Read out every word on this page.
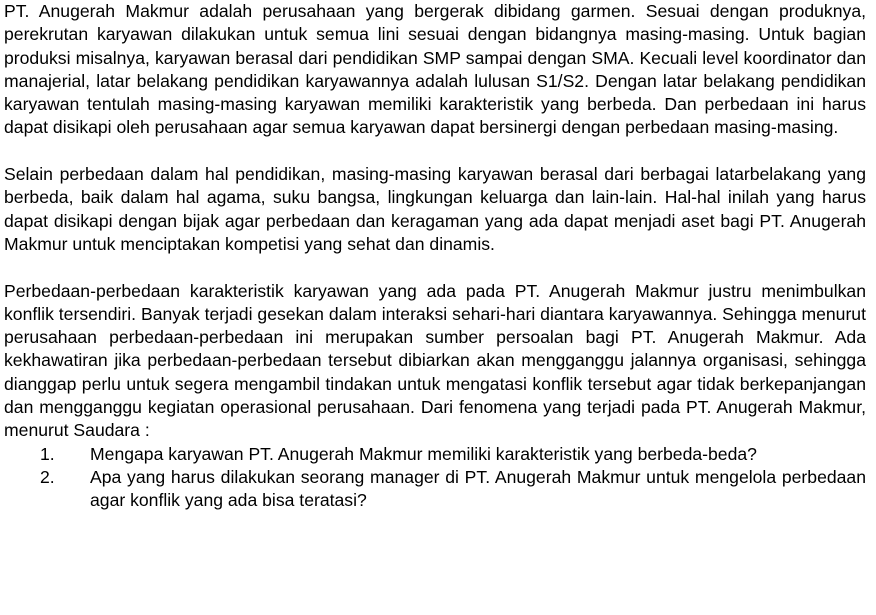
PT. Anugerah Makmur adalah perusahaan yang bergerak dibidang garmen. Sesuai dengan produknya, perekrutan karyawan dilakukan untuk semua lini sesuai dengan bidangnya masing-masing. Untuk bagian produksi misalnya, karyawan berasal dari pendidikan SMP sampai dengan SMA. Kecuali level koordinator dan manajerial, latar belakang pendidikan karyawannya adalah lulusan S1/S2. Dengan latar belakang pendidikan karyawan tentulah masing-masing karyawan memiliki karakteristik yang berbeda. Dan perbedaan ini harus dapat disikapi oleh perusahaan agar semua karyawan dapat bersinergi dengan perbedaan masing-masing.

Selain perbedaan dalam hal pendidikan, masing-masing karyawan berasal dari berbagai latarbelakang yang berbeda, baik dalam hal agama, suku bangsa, lingkungan keluarga dan lain-lain. Hal-hal inilah yang harus dapat disikapi dengan bijak agar perbedaan dan keragaman yang ada dapat menjadi aset bagi PT. Anugerah Makmur untuk menciptakan kompetisi yang sehat dan dinamis.

Perbedaan-perbedaan karakteristik karyawan yang ada pada PT. Anugerah Makmur justru menimbulkan konflik tersendiri. Banyak terjadi gesekan dalam interaksi sehari-hari diantara karyawannya. Sehingga menurut perusahaan perbedaan-perbedaan ini merupakan sumber persoalan bagi PT. Anugerah Makmur. Ada kekhawatiran jika perbedaan-perbedaan tersebut dibiarkan akan mengganggu jalannya organisasi, sehingga dianggap perlu untuk segera mengambil tindakan untuk mengatasi konflik tersebut agar tidak berkepanjangan dan mengganggu kegiatan operasional perusahaan. Dari fenomena yang terjadi pada PT. Anugerah Makmur, menurut Saudara :

1. Mengapa karyawan PT. Anugerah Makmur memiliki karakteristik yang berbeda-beda?
2. Apa yang harus dilakukan seorang manager di PT. Anugerah Makmur untuk mengelola perbedaan agar konflik yang ada bisa teratasi?
